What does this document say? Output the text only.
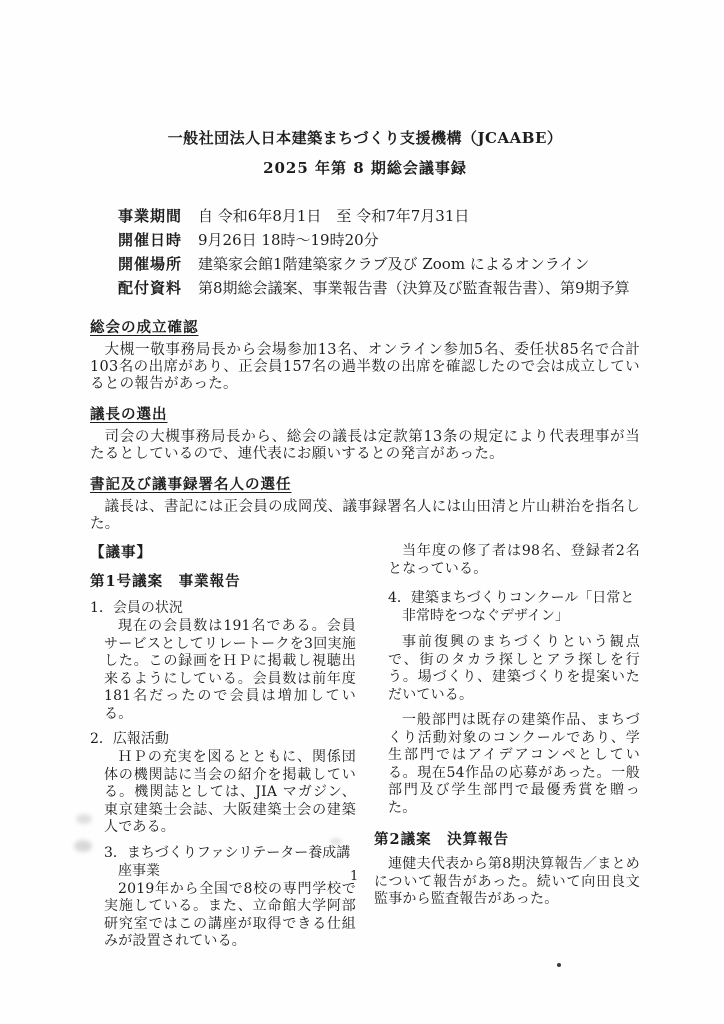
一般社団法人日本建築まちづくり支援機構（JCAABE）
2025 年第 8 期総会議事録
事業期間 自 令和6年8月1日　至 令和7年7月31日
開催日時 9月26日 18時～19時20分
開催場所 建築家会館1階建築家クラブ及び Zoom によるオンライン
配付資料 第8期総会議案、事業報告書（決算及び監査報告書）、第9期予算
総会の成立確認

大槻一敬事務局長から会場参加13名、オンライン参加5名、委任状85名で合計103名の出席があり、正会員157名の過半数の出席を確認したので会は成立しているとの報告があった。

議長の選出

司会の大槻事務局長から、総会の議長は定款第13条の規定により代表理事が当たるとしているので、連代表にお願いするとの発言があった。

書記及び議事録署名人の選任

議長は、書記には正会員の成岡茂、議事録署名人には山田清と片山耕治を指名した。

【議事】
第1号議案　事業報告
1．会員の状況

現在の会員数は191名である。会員サービスとしてリレートークを3回実施した。この録画をＨＰに掲載し視聴出来るようにしている。会員数は前年度181名だったので会員は増加している。

2．広報活動

ＨＰの充実を図るとともに、関係団体の機関誌に当会の紹介を掲載している。機関誌としては、JIA マガジン、東京建築士会誌、大阪建築士会の建築人である。

3．まちづくりファシリテーター養成講座事業

2019年から全国で8校の専門学校で実施している。また、立命館大学阿部研究室ではこの講座が取得できる仕組みが設置されている。

当年度の修了者は98名、登録者2名となっている。

4．建築まちづくりコンクール「日常と非常時をつなぐデザイン」

事前復興のまちづくりという観点で、街のタカラ探しとアラ探しを行う。場づくり、建築づくりを提案いただいている。

一般部門は既存の建築作品、まちづくり活動対象のコンクールであり、学生部門ではアイデアコンペとしている。現在54作品の応募があった。一般部門及び学生部門で最優秀賞を贈った。

第2議案　決算報告

連健夫代表から第8期決算報告／まとめについて報告があった。続いて向田良文監事から監査報告があった。

1
